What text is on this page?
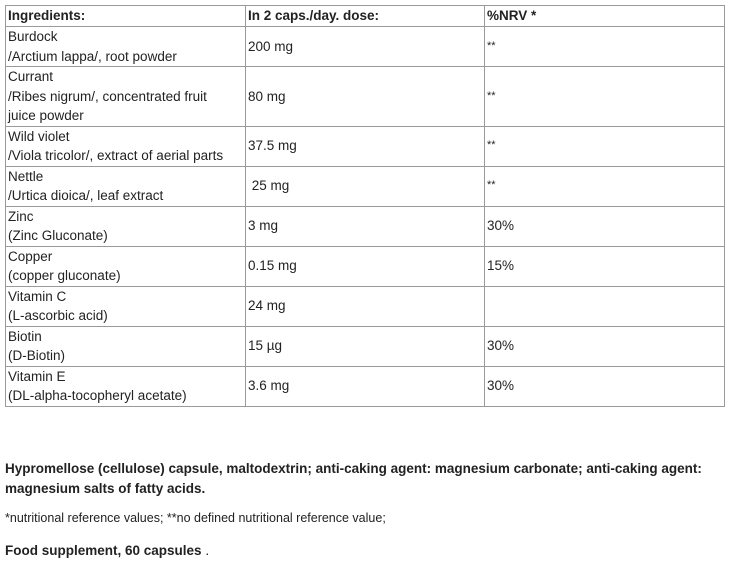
Ingredients:	In 2 caps./day. dose:	%NRV *

Burdock
/Arctium lappa/, root powder	200 mg	**

Currant
/Ribes nigrum/, concentrated fruit
juice powder	80 mg	**

Wild violet
/Viola tricolor/, extract of aerial parts	37.5 mg	**

Nettle
/Urtica dioica/, leaf extract	25 mg	**

Zinc
(Zinc Gluconate)	3 mg	30%

Copper
(copper gluconate)	0.15 mg	15%

Vitamin C
(L-ascorbic acid)	24 mg	

Biotin
(D-Biotin)	15 µg	30%

Vitamin E
(DL-alpha-tocopheryl acetate)	3.6 mg	30%

Hypromellose (cellulose) capsule, maltodextrin; anti-caking agent: magnesium carbonate; anti-caking agent: magnesium salts of fatty acids.

*nutritional reference values; **no defined nutritional reference value;

Food supplement, 60 capsules .
